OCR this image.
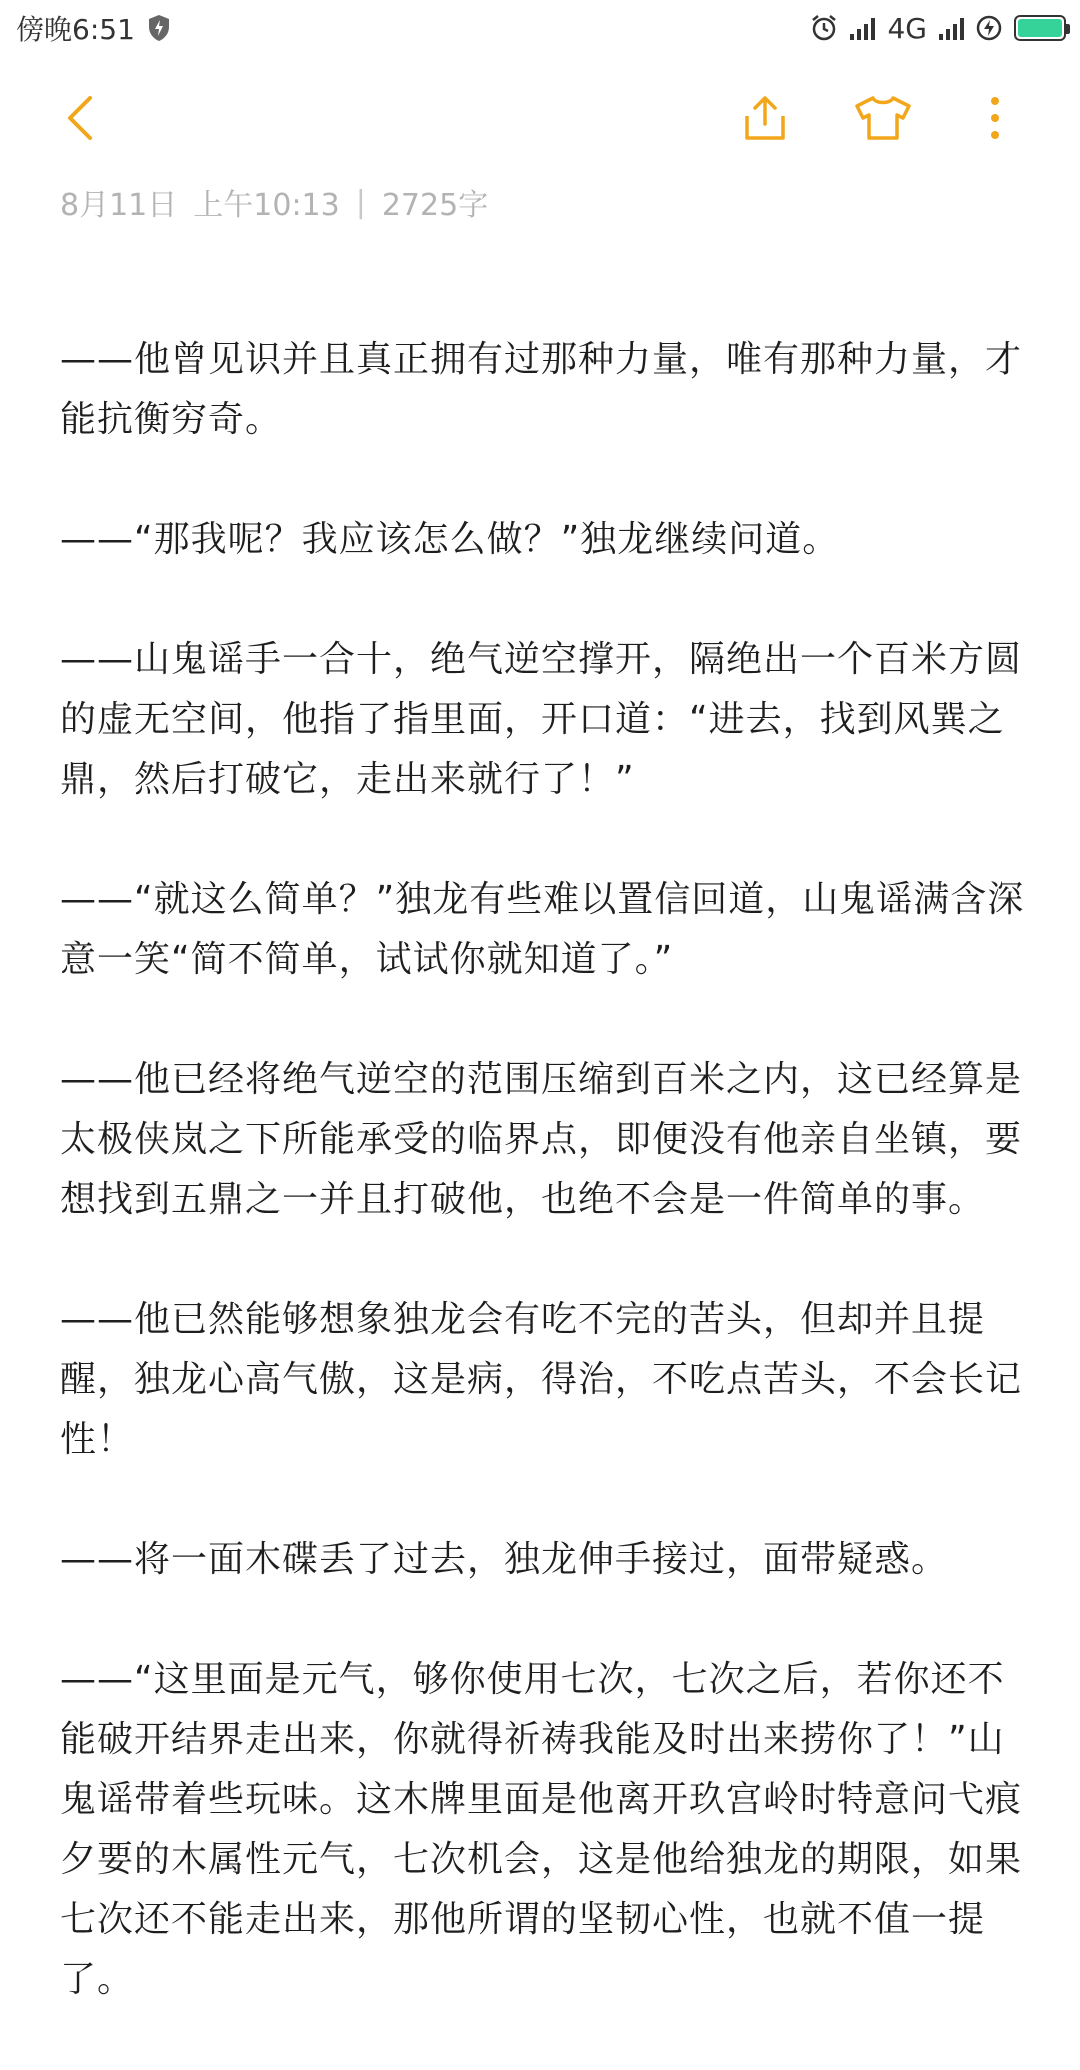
傍晚6:51	4G
8月11日 上午10:13 | 2725字

——他曾见识并且真正拥有过那种力量，唯有那种力量，才能抗衡穷奇。

——“那我呢？我应该怎么做？”独龙继续问道。

——山鬼谣手一合十，绝气逆空撑开，隔绝出一个百米方圆的虚无空间，他指了指里面，开口道：“进去，找到风巽之鼎，然后打破它，走出来就行了！”

——“就这么简单？”独龙有些难以置信回道，山鬼谣满含深意一笑“简不简单，试试你就知道了。”

——他已经将绝气逆空的范围压缩到百米之内，这已经算是太极侠岚之下所能承受的临界点，即便没有他亲自坐镇，要想找到五鼎之一并且打破他，也绝不会是一件简单的事。

——他已然能够想象独龙会有吃不完的苦头，但却并且提醒，独龙心高气傲，这是病，得治，不吃点苦头，不会长记性！

——将一面木碟丢了过去，独龙伸手接过，面带疑惑。

——“这里面是元气，够你使用七次，七次之后，若你还不能破开结界走出来，你就得祈祷我能及时出来捞你了！”山鬼谣带着些玩味。这木牌里面是他离开玖宫岭时特意问弋痕夕要的木属性元气，七次机会，这是他给独龙的期限，如果七次还不能走出来，那他所谓的坚韧心性，也就不值一提了。
